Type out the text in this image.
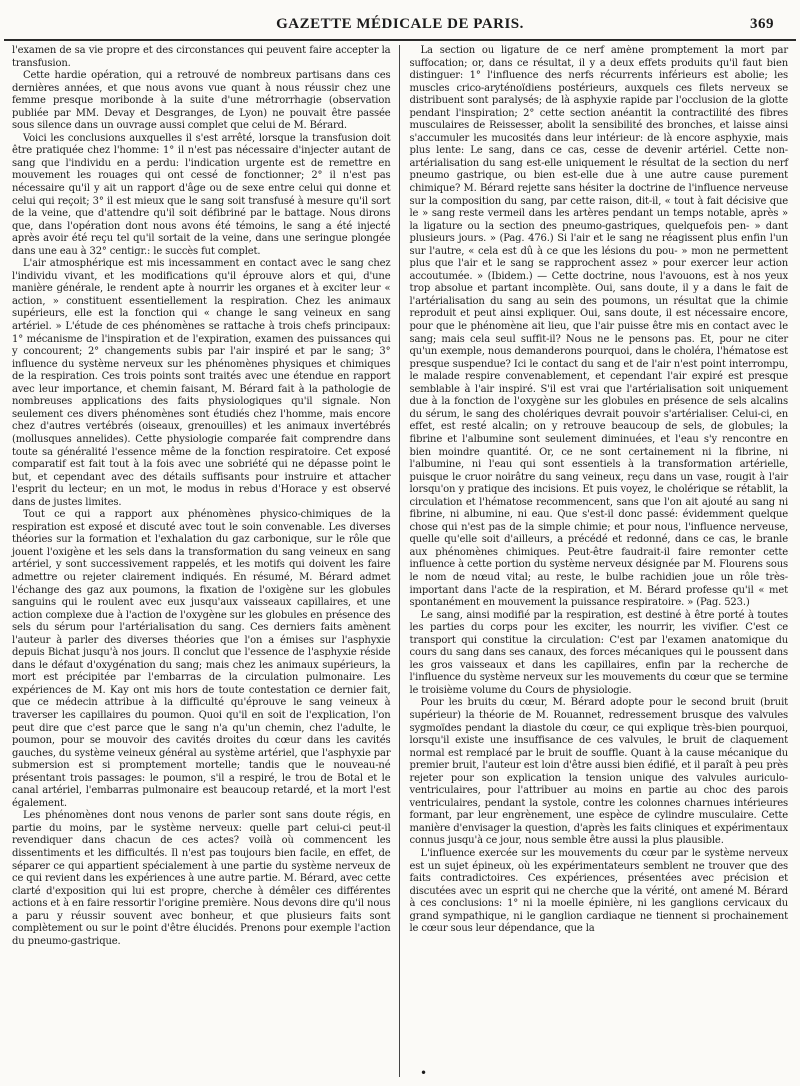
GAZETTE MÉDICALE DE PARIS.	369

l'examen de sa vie propre et des circonstances qui peuvent faire accepter la transfusion.

Cette hardie opération, qui a retrouvé de nombreux partisans dans ces dernières années, et que nous avons vue quant à nous réussir chez une femme presque moribonde à la suite d'une métrorrhagie (observation publiée par MM. Devay et Desgranges, de Lyon) ne pouvait être passée sous silence dans un ouvrage aussi complet que celui de M. Bérard.

Voici les conclusions auxquelles il s'est arrêté, lorsque la transfusion doit être pratiquée chez l'homme: 1° il n'est pas nécessaire d'injecter autant de sang que l'individu en a perdu: l'indication urgente est de remettre en mouvement les rouages qui ont cessé de fonctionner; 2° il n'est pas nécessaire qu'il y ait un rapport d'âge ou de sexe entre celui qui donne et celui qui reçoit; 3° il est mieux que le sang soit transfusé à mesure qu'il sort de la veine, que d'attendre qu'il soit défibriné par le battage. Nous dirons que, dans l'opération dont nous avons été témoins, le sang a été injecté après avoir été reçu tel qu'il sortait de la veine, dans une seringue plongée dans une eau à 32° centigr.: le succès fut complet.

L'air atmosphérique est mis incessamment en contact avec le sang chez l'individu vivant, et les modifications qu'il éprouve alors et qui, d'une manière générale, le rendent apte à nourrir les organes et à exciter leur « action, » constituent essentiellement la respiration. Chez les animaux supérieurs, elle est la fonction qui « change le sang veineux en sang artériel. » L'étude de ces phénomènes se rattache à trois chefs principaux: 1° mécanisme de l'inspiration et de l'expiration, examen des puissances qui y concourent; 2° changements subis par l'air inspiré et par le sang; 3° influence du système nerveux sur les phénomènes physiques et chimiques de la respiration. Ces trois points sont traités avec une étendue en rapport avec leur importance, et chemin faisant, M. Bérard fait à la pathologie de nombreuses applications des faits physiologiques qu'il signale. Non seulement ces divers phénomènes sont étudiés chez l'homme, mais encore chez d'autres vertébrés (oiseaux, grenouilles) et les animaux invertébrés (mollusques annelides). Cette physiologie comparée fait comprendre dans toute sa généralité l'essence même de la fonction respiratoire. Cet exposé comparatif est fait tout à la fois avec une sobriété qui ne dépasse point le but, et cependant avec des détails suffisants pour instruire et attacher l'esprit du lecteur; en un mot, le modus in rebus d'Horace y est observé dans de justes limites.

Tout ce qui a rapport aux phénomènes physico-chimiques de la respiration est exposé et discuté avec tout le soin convenable. Les diverses théories sur la formation et l'exhalation du gaz carbonique, sur le rôle que jouent l'oxigène et les sels dans la transformation du sang veineux en sang artériel, y sont successivement rappelés, et les motifs qui doivent les faire admettre ou rejeter clairement indiqués. En résumé, M. Bérard admet l'échange des gaz aux poumons, la fixation de l'oxigène sur les globules sanguins qui le roulent avec eux jusqu'aux vaisseaux capillaires, et une action complexe due à l'action de l'oxygène sur les globules en présence des sels du sérum pour l'artérialisation du sang. Ces derniers faits amènent l'auteur à parler des diverses théories que l'on a émises sur l'asphyxie depuis Bichat jusqu'à nos jours. Il conclut que l'essence de l'asphyxie réside dans le défaut d'oxygénation du sang; mais chez les animaux supérieurs, la mort est précipitée par l'embarras de la circulation pulmonaire. Les expériences de M. Kay ont mis hors de toute contestation ce dernier fait, que ce médecin attribue à la difficulté qu'éprouve le sang veineux à traverser les capillaires du poumon. Quoi qu'il en soit de l'explication, l'on peut dire que c'est parce que le sang n'a qu'un chemin, chez l'adulte, le poumon, pour se mouvoir des cavités droites du cœur dans les cavités gauches, du système veineux général au système artériel, que l'asphyxie par submersion est si promptement mortelle; tandis que le nouveau-né présentant trois passages: le poumon, s'il a respiré, le trou de Botal et le canal artériel, l'embarras pulmonaire est beaucoup retardé, et la mort l'est également.

Les phénomènes dont nous venons de parler sont sans doute régis, en partie du moins, par le système nerveux: quelle part celui-ci peut-il revendiquer dans chacun de ces actes? voilà où commencent les dissentiments et les difficultés. Il n'est pas toujours bien facile, en effet, de séparer ce qui appartient spécialement à une partie du système nerveux de ce qui revient dans les expériences à une autre partie. M. Bérard, avec cette clarté d'exposition qui lui est propre, cherche à démêler ces différentes actions et à en faire ressortir l'origine première. Nous devons dire qu'il nous a paru y réussir souvent avec bonheur, et que plusieurs faits sont complètement ou sur le point d'être élucidés. Prenons pour exemple l'action du pneumo-gastrique.

La section ou ligature de ce nerf amène promptement la mort par suffocation; or, dans ce résultat, il y a deux effets produits qu'il faut bien distinguer: 1° l'influence des nerfs récurrents inférieurs est abolie; les muscles crico-aryténoïdiens postérieurs, auxquels ces filets nerveux se distribuent sont paralysés; de là asphyxie rapide par l'occlusion de la glotte pendant l'inspiration; 2° cette section anéantit la contractilité des fibres musculaires de Reissesser, abolit la sensibilité des bronches, et laisse ainsi s'accumuler les mucosités dans leur intérieur: de là encore asphyxie, mais plus lente: Le sang, dans ce cas, cesse de devenir artériel. Cette non-artérialisation du sang est-elle uniquement le résultat de la section du nerf pneumo gastrique, ou bien est-elle due à une autre cause purement chimique? M. Bérard rejette sans hésiter la doctrine de l'influence nerveuse sur la composition du sang, par cette raison, dit-il, « tout à fait décisive que le » sang reste vermeil dans les artères pendant un temps notable, après » la ligature ou la section des pneumo-gastriques, quelquefois pen- » dant plusieurs jours. » (Pag. 476.) Si l'air et le sang ne réagissent plus enfin l'un sur l'autre, « cela est dû à ce que les lésions du pou- » mon ne permettent plus que l'air et le sang se rapprochent assez » pour exercer leur action accoutumée. » (Ibidem.) — Cette doctrine, nous l'avouons, est à nos yeux trop absolue et partant incomplète. Oui, sans doute, il y a dans le fait de l'artérialisation du sang au sein des poumons, un résultat que la chimie reproduit et peut ainsi expliquer. Oui, sans doute, il est nécessaire encore, pour que le phénomène ait lieu, que l'air puisse être mis en contact avec le sang; mais cela seul suffit-il? Nous ne le pensons pas. Et, pour ne citer qu'un exemple, nous demanderons pourquoi, dans le choléra, l'hématose est presque suspendue? Ici le contact du sang et de l'air n'est point interrompu, le malade respire convenablement, et cependant l'air expiré est presque semblable à l'air inspiré. S'il est vrai que l'artérialisation soit uniquement due à la fonction de l'oxygène sur les globules en présence de sels alcalins du sérum, le sang des cholériques devrait pouvoir s'artérialiser. Celui-ci, en effet, est resté alcalin; on y retrouve beaucoup de sels, de globules; la fibrine et l'albumine sont seulement diminuées, et l'eau s'y rencontre en bien moindre quantité. Or, ce ne sont certainement ni la fibrine, ni l'albumine, ni l'eau qui sont essentiels à la transformation artérielle, puisque le cruor noirâtre du sang veineux, reçu dans un vase, rougit à l'air lorsqu'on y pratique des incisions. Et puis voyez, le cholérique se rétablit, la circulation et l'hématose recommencent, sans que l'on ait ajouté au sang ni fibrine, ni albumine, ni eau. Que s'est-il donc passé: évidemment quelque chose qui n'est pas de la simple chimie; et pour nous, l'influence nerveuse, quelle qu'elle soit d'ailleurs, a précédé et redonné, dans ce cas, le branle aux phénomènes chimiques. Peut-être faudrait-il faire remonter cette influence à cette portion du système nerveux désignée par M. Flourens sous le nom de nœud vital; au reste, le bulbe rachidien joue un rôle très-important dans l'acte de la respiration, et M. Bérard professe qu'il « met spontanément en mouvement la puissance respiratoire. » (Pag. 523.)

Le sang, ainsi modifié par la respiration, est destiné à être porté à toutes les parties du corps pour les exciter, les nourrir, les vivifier. C'est ce transport qui constitue la circulation: C'est par l'examen anatomique du cours du sang dans ses canaux, des forces mécaniques qui le poussent dans les gros vaisseaux et dans les capillaires, enfin par la recherche de l'influence du système nerveux sur les mouvements du cœur que se termine le troisième volume du Cours de physiologie.

Pour les bruits du cœur, M. Bérard adopte pour le second bruit (bruit supérieur) la théorie de M. Rouannet, redressement brusque des valvules sygmoïdes pendant la diastole du cœur, ce qui explique très-bien pourquoi, lorsqu'il existe une insuffisance de ces valvules, le bruit de claquement normal est remplacé par le bruit de souffle. Quant à la cause mécanique du premier bruit, l'auteur est loin d'être aussi bien édifié, et il paraît à peu près rejeter pour son explication la tension unique des valvules auriculo-ventriculaires, pour l'attribuer au moins en partie au choc des parois ventriculaires, pendant la systole, contre les colonnes charnues intérieures formant, par leur engrènement, une espèce de cylindre musculaire. Cette manière d'envisager la question, d'après les faits cliniques et expérimentaux connus jusqu'à ce jour, nous semble être aussi la plus plausible.

L'influence exercée sur les mouvements du cœur par le système nerveux est un sujet épineux, où les expérimentateurs semblent ne trouver que des faits contradictoires. Ces expériences, présentées avec précision et discutées avec un esprit qui ne cherche que la vérité, ont amené M. Bérard à ces conclusions: 1° ni la moelle épinière, ni les ganglions cervicaux du grand sympathique, ni le ganglion cardiaque ne tiennent si prochainement le cœur sous leur dépendance, que la

•
